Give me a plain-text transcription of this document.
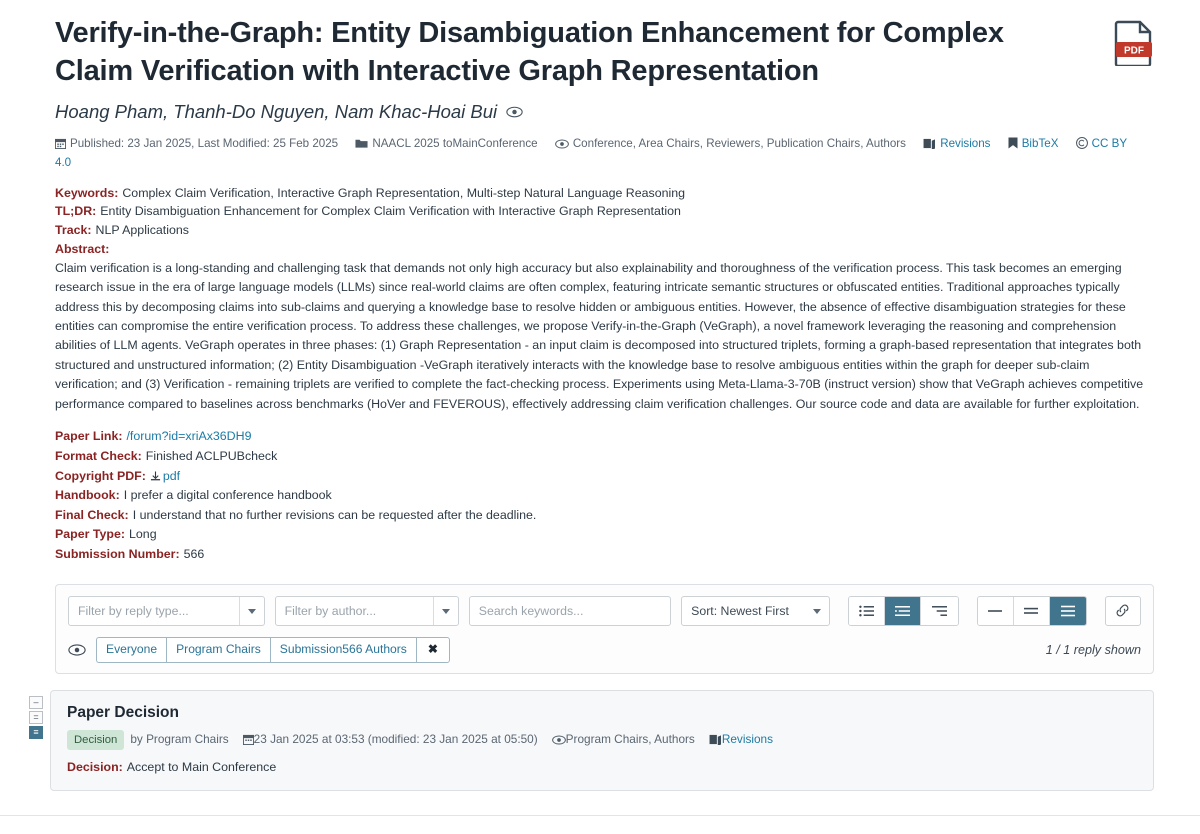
Verify-in-the-Graph: Entity Disambiguation Enhancement for Complex Claim Verification with Interactive Graph Representation
PDF
Hoang Pham, Thanh-Do Nguyen, Nam Khac-Hoai Bui
Published: 23 Jan 2025, Last Modified: 25 Feb 2025	NAACL 2025 toMainConference	Conference, Area Chairs, Reviewers, Publication Chairs, Authors	Revisions	BibTeX	CC BY 4.0
Keywords: Complex Claim Verification, Interactive Graph Representation, Multi-step Natural Language Reasoning
TL;DR: Entity Disambiguation Enhancement for Complex Claim Verification with Interactive Graph Representation
Track: NLP Applications
Abstract:
Claim verification is a long-standing and challenging task that demands not only high accuracy but also explainability and thoroughness of the verification process. This task becomes an emerging research issue in the era of large language models (LLMs) since real-world claims are often complex, featuring intricate semantic structures or obfuscated entities. Traditional approaches typically address this by decomposing claims into sub-claims and querying a knowledge base to resolve hidden or ambiguous entities. However, the absence of effective disambiguation strategies for these entities can compromise the entire verification process. To address these challenges, we propose Verify-in-the-Graph (VeGraph), a novel framework leveraging the reasoning and comprehension abilities of LLM agents. VeGraph operates in three phases: (1) Graph Representation - an input claim is decomposed into structured triplets, forming a graph-based representation that integrates both structured and unstructured information; (2) Entity Disambiguation -VeGraph iteratively interacts with the knowledge base to resolve ambiguous entities within the graph for deeper sub-claim verification; and (3) Verification - remaining triplets are verified to complete the fact-checking process. Experiments using Meta-Llama-3-70B (instruct version) show that VeGraph achieves competitive performance compared to baselines across benchmarks (HoVer and FEVEROUS), effectively addressing claim verification challenges. Our source code and data are available for further exploitation.
Paper Link: /forum?id=xriAx36DH9
Format Check: Finished ACLPUBcheck
Copyright PDF: pdf
Handbook: I prefer a digital conference handbook
Final Check: I understand that no further revisions can be requested after the deadline.
Paper Type: Long
Submission Number: 566
Filter by reply type...	Filter by author...
Search keywords...	Sort: Newest First
Everyone	Program Chairs	Submission566 Authors	✖	1 / 1 reply shown
–
=
≡
Paper Decision
Decision	by Program Chairs	23 Jan 2025 at 03:53 (modified: 23 Jan 2025 at 05:50)	Program Chairs, Authors	Revisions
Decision: Accept to Main Conference
